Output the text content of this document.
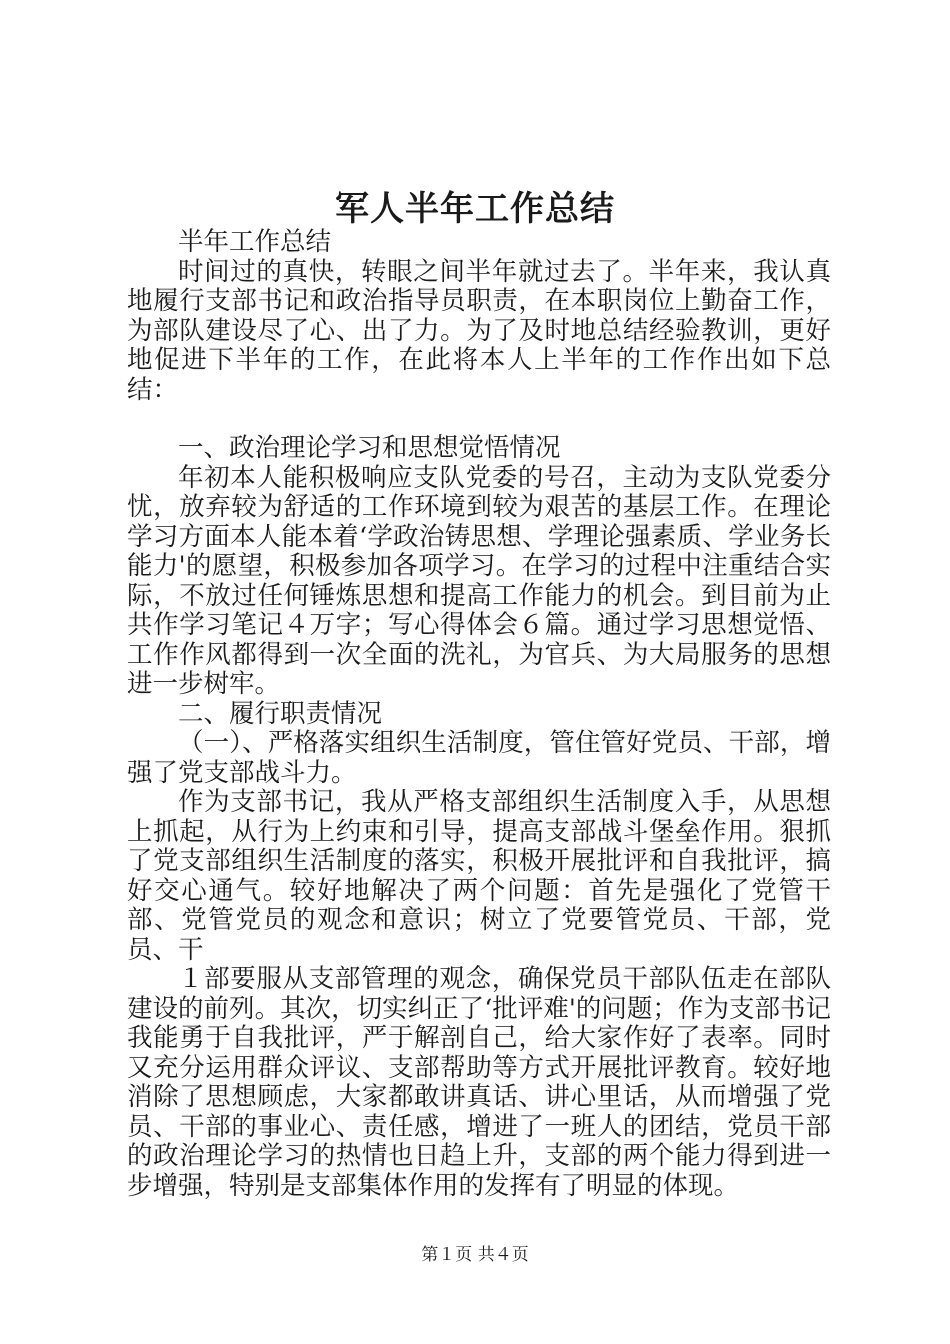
军人半年工作总结

半年工作总结

时间过的真快，转眼之间半年就过去了。半年来，我认真地履行支部书记和政治指导员职责，在本职岗位上勤奋工作，为部队建设尽了心、出了力。为了及时地总结经验教训，更好地促进下半年的工作，在此将本人上半年的工作作出如下总结：

一、政治理论学习和思想觉悟情况

年初本人能积极响应支队党委的号召，主动为支队党委分忧，放弃较为舒适的工作环境到较为艰苦的基层工作。在理论学习方面本人能本着‘学政治铸思想、学理论强素质、学业务长能力'的愿望，积极参加各项学习。在学习的过程中注重结合实际，不放过任何锤炼思想和提高工作能力的机会。到目前为止共作学习笔记４万字；写心得体会６篇。通过学习思想觉悟、工作作风都得到一次全面的洗礼，为官兵、为大局服务的思想进一步树牢。

二、履行职责情况

（一）、严格落实组织生活制度，管住管好党员、干部，增强了党支部战斗力。

作为支部书记，我从严格支部组织生活制度入手，从思想上抓起，从行为上约束和引导，提高支部战斗堡垒作用。狠抓了党支部组织生活制度的落实，积极开展批评和自我批评，搞好交心通气。较好地解决了两个问题：首先是强化了党管干部、党管党员的观念和意识；树立了党要管党员、干部，党员、干

１部要服从支部管理的观念，确保党员干部队伍走在部队建设的前列。其次，切实纠正了‘批评难'的问题；作为支部书记我能勇于自我批评，严于解剖自己，给大家作好了表率。同时又充分运用群众评议、支部帮助等方式开展批评教育。较好地消除了思想顾虑，大家都敢讲真话、讲心里话，从而增强了党员、干部的事业心、责任感，增进了一班人的团结，党员干部的政治理论学习的热情也日趋上升，支部的两个能力得到进一步增强，特别是支部集体作用的发挥有了明显的体现。

第１页 共４页
